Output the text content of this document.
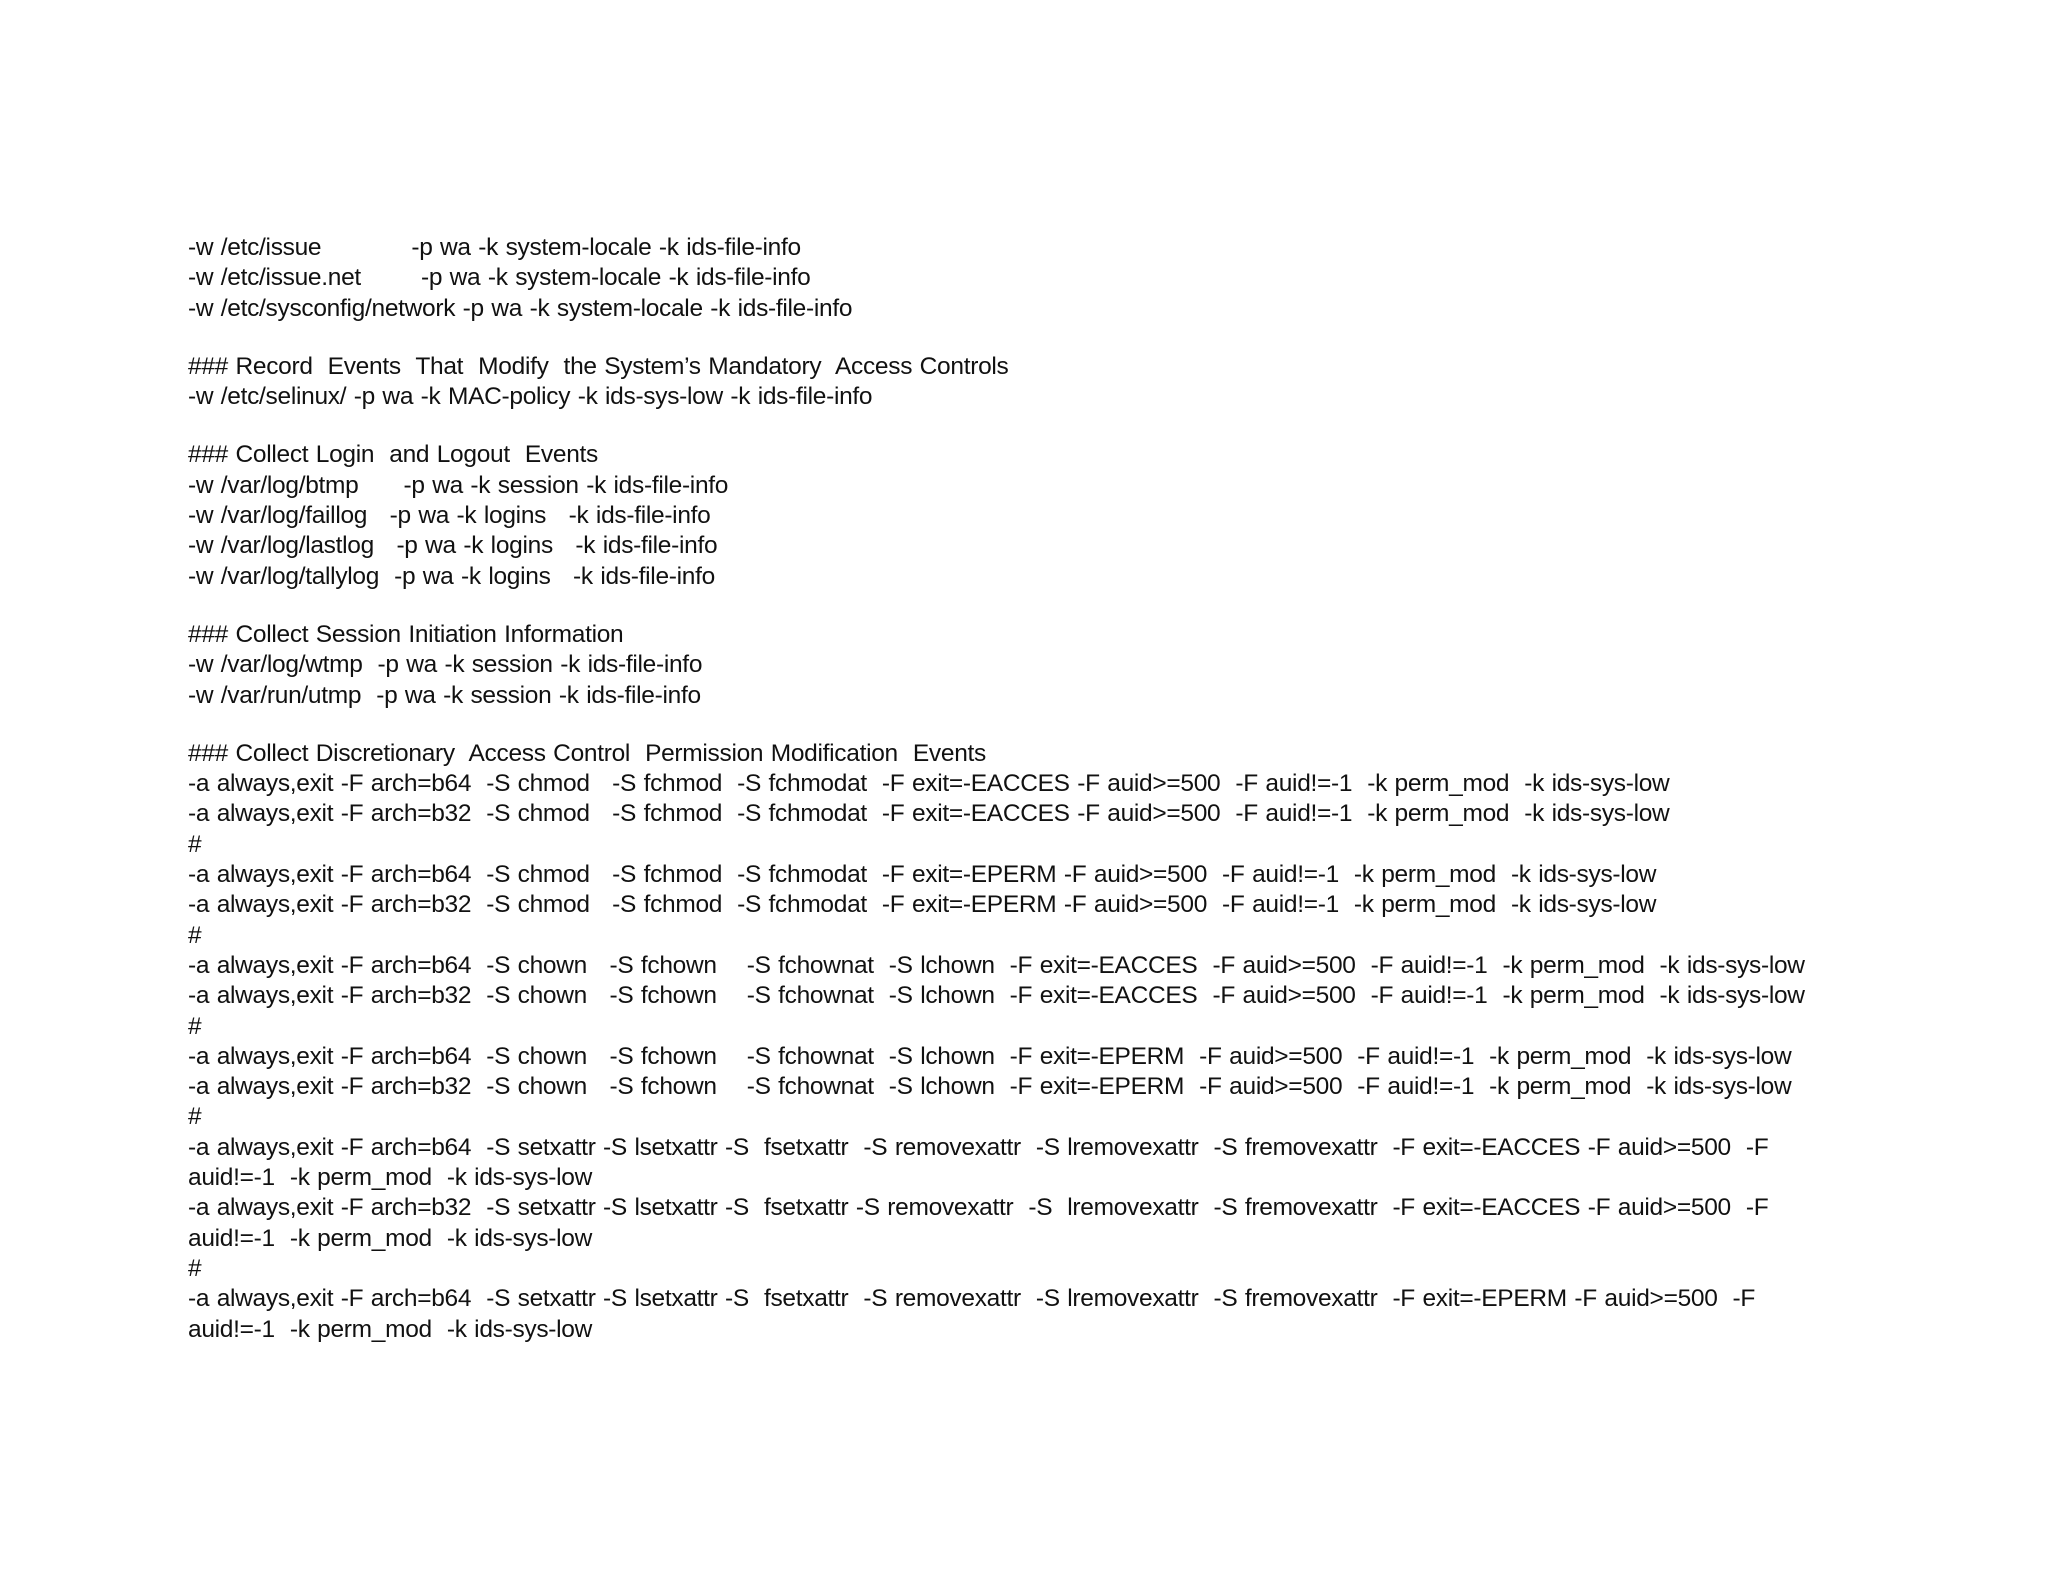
-w /etc/issue            -p wa -k system-locale -k ids-file-info
-w /etc/issue.net        -p wa -k system-locale -k ids-file-info
-w /etc/sysconfig/network -p wa -k system-locale -k ids-file-info
### Record  Events  That  Modify  the System’s Mandatory  Access Controls
-w /etc/selinux/ -p wa -k MAC-policy -k ids-sys-low -k ids-file-info
### Collect Login  and Logout  Events
-w /var/log/btmp      -p wa -k session -k ids-file-info
-w /var/log/faillog   -p wa -k logins   -k ids-file-info
-w /var/log/lastlog   -p wa -k logins   -k ids-file-info
-w /var/log/tallylog  -p wa -k logins   -k ids-file-info
### Collect Session Initiation Information
-w /var/log/wtmp  -p wa -k session -k ids-file-info
-w /var/run/utmp  -p wa -k session -k ids-file-info
### Collect Discretionary  Access Control  Permission Modification  Events
-a always,exit -F arch=b64  -S chmod   -S fchmod  -S fchmodat  -F exit=-EACCES -F auid>=500  -F auid!=-1  -k perm_mod  -k ids-sys-low
-a always,exit -F arch=b32  -S chmod   -S fchmod  -S fchmodat  -F exit=-EACCES -F auid>=500  -F auid!=-1  -k perm_mod  -k ids-sys-low
#
-a always,exit -F arch=b64  -S chmod   -S fchmod  -S fchmodat  -F exit=-EPERM -F auid>=500  -F auid!=-1  -k perm_mod  -k ids-sys-low
-a always,exit -F arch=b32  -S chmod   -S fchmod  -S fchmodat  -F exit=-EPERM -F auid>=500  -F auid!=-1  -k perm_mod  -k ids-sys-low
#
-a always,exit -F arch=b64  -S chown   -S fchown    -S fchownat  -S lchown  -F exit=-EACCES  -F auid>=500  -F auid!=-1  -k perm_mod  -k ids-sys-low
-a always,exit -F arch=b32  -S chown   -S fchown    -S fchownat  -S lchown  -F exit=-EACCES  -F auid>=500  -F auid!=-1  -k perm_mod  -k ids-sys-low
#
-a always,exit -F arch=b64  -S chown   -S fchown    -S fchownat  -S lchown  -F exit=-EPERM  -F auid>=500  -F auid!=-1  -k perm_mod  -k ids-sys-low
-a always,exit -F arch=b32  -S chown   -S fchown    -S fchownat  -S lchown  -F exit=-EPERM  -F auid>=500  -F auid!=-1  -k perm_mod  -k ids-sys-low
#
-a always,exit -F arch=b64  -S setxattr -S lsetxattr -S  fsetxattr  -S removexattr  -S lremovexattr  -S fremovexattr  -F exit=-EACCES -F auid>=500  -F
auid!=-1  -k perm_mod  -k ids-sys-low
-a always,exit -F arch=b32  -S setxattr -S lsetxattr -S  fsetxattr -S removexattr  -S  lremovexattr  -S fremovexattr  -F exit=-EACCES -F auid>=500  -F
auid!=-1  -k perm_mod  -k ids-sys-low
#
-a always,exit -F arch=b64  -S setxattr -S lsetxattr -S  fsetxattr  -S removexattr  -S lremovexattr  -S fremovexattr  -F exit=-EPERM -F auid>=500  -F
auid!=-1  -k perm_mod  -k ids-sys-low
